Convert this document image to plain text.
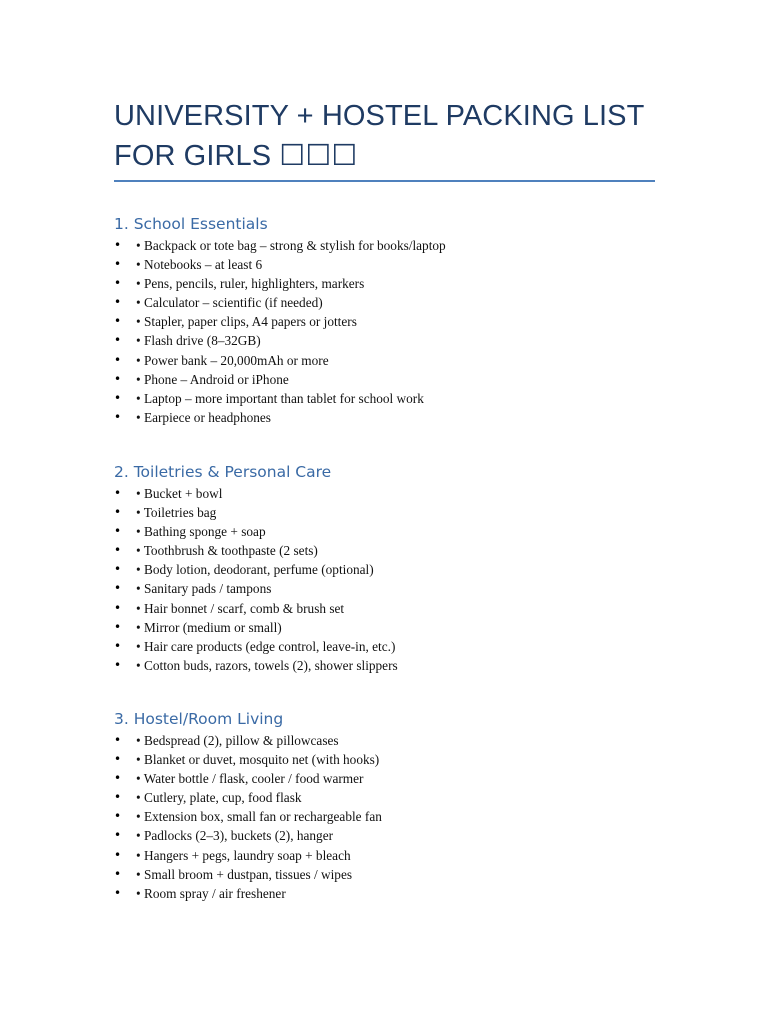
UNIVERSITY + HOSTEL PACKING LIST FOR GIRLS ☐☐☐
1. School Essentials
•	• Backpack or tote bag – strong & stylish for books/laptop
•	• Notebooks – at least 6
•	• Pens, pencils, ruler, highlighters, markers
•	• Calculator – scientific (if needed)
•	• Stapler, paper clips, A4 papers or jotters
•	• Flash drive (8–32GB)
•	• Power bank – 20,000mAh or more
•	• Phone – Android or iPhone
•	• Laptop – more important than tablet for school work
•	• Earpiece or headphones
2. Toiletries & Personal Care
•	• Bucket + bowl
•	• Toiletries bag
•	• Bathing sponge + soap
•	• Toothbrush & toothpaste (2 sets)
•	• Body lotion, deodorant, perfume (optional)
•	• Sanitary pads / tampons
•	• Hair bonnet / scarf, comb & brush set
•	• Mirror (medium or small)
•	• Hair care products (edge control, leave-in, etc.)
•	• Cotton buds, razors, towels (2), shower slippers
3. Hostel/Room Living
•	• Bedspread (2), pillow & pillowcases
•	• Blanket or duvet, mosquito net (with hooks)
•	• Water bottle / flask, cooler / food warmer
•	• Cutlery, plate, cup, food flask
•	• Extension box, small fan or rechargeable fan
•	• Padlocks (2–3), buckets (2), hanger
•	• Hangers + pegs, laundry soap + bleach
•	• Small broom + dustpan, tissues / wipes
•	• Room spray / air freshener
